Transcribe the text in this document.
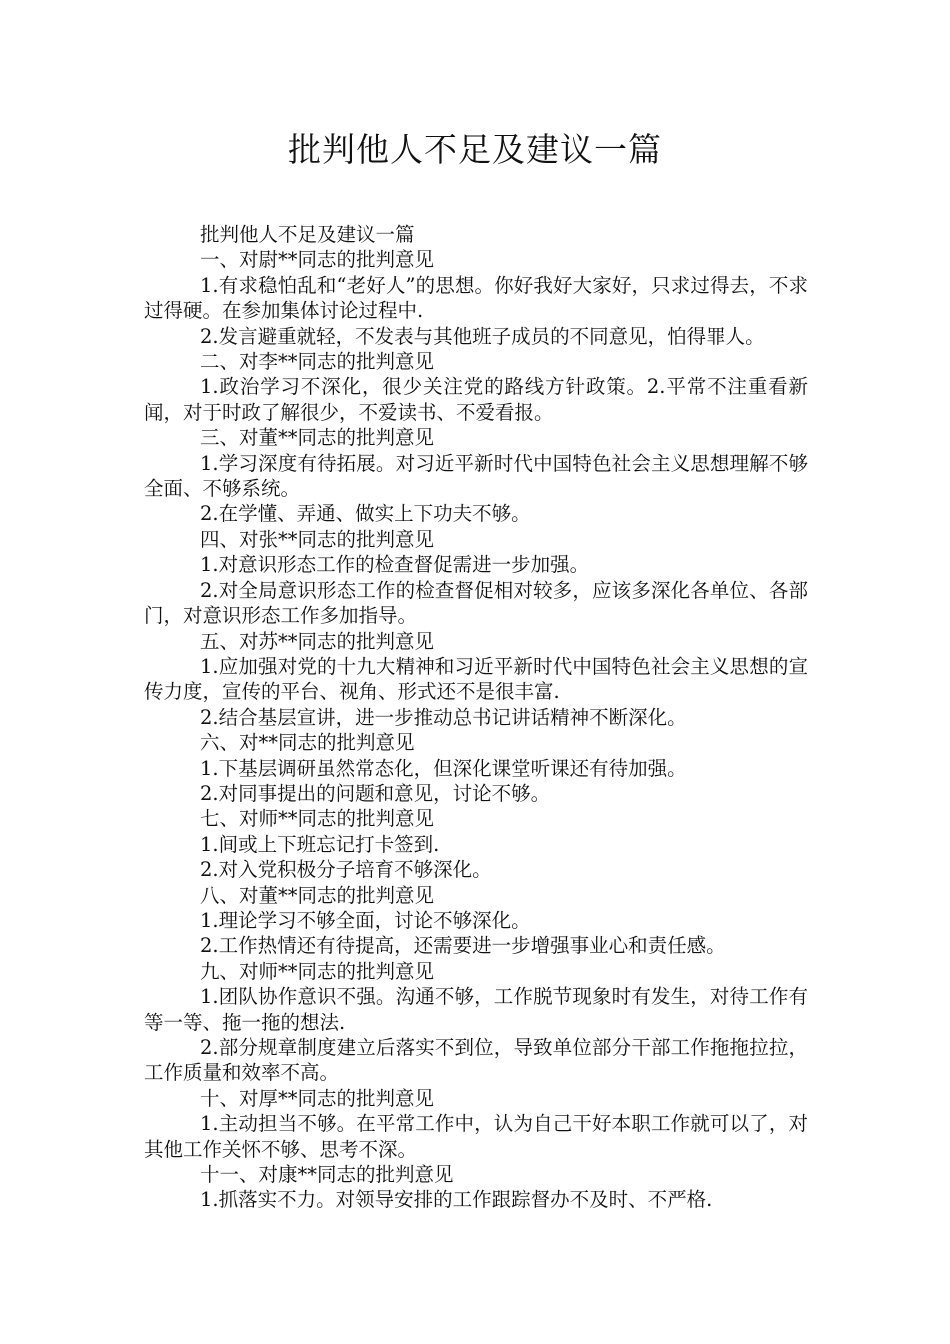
批判他人不足及建议一篇

批判他人不足及建议一篇

一、对尉**同志的批判意见

1.有求稳怕乱和“老好人”的思想。你好我好大家好，只求过得去，不求过得硬。在参加集体讨论过程中.

2.发言避重就轻，不发表与其他班子成员的不同意见，怕得罪人。

二、对李**同志的批判意见

1.政治学习不深化，很少关注党的路线方针政策。2.平常不注重看新闻，对于时政了解很少，不爱读书、不爱看报。

三、对董**同志的批判意见

1.学习深度有待拓展。对习近平新时代中国特色社会主义思想理解不够全面、不够系统。

2.在学懂、弄通、做实上下功夫不够。

四、对张**同志的批判意见

1.对意识形态工作的检查督促需进一步加强。

2.对全局意识形态工作的检查督促相对较多，应该多深化各单位、各部门，对意识形态工作多加指导。

五、对苏**同志的批判意见

1.应加强对党的十九大精神和习近平新时代中国特色社会主义思想的宣传力度，宣传的平台、视角、形式还不是很丰富.

2.结合基层宣讲，进一步推动总书记讲话精神不断深化。

六、对**同志的批判意见

1.下基层调研虽然常态化，但深化课堂听课还有待加强。

2.对同事提出的问题和意见，讨论不够。

七、对师**同志的批判意见

1.间或上下班忘记打卡签到.

2.对入党积极分子培育不够深化。

八、对董**同志的批判意见

1.理论学习不够全面，讨论不够深化。

2.工作热情还有待提高，还需要进一步增强事业心和责任感。

九、对师**同志的批判意见

1.团队协作意识不强。沟通不够，工作脱节现象时有发生，对待工作有等一等、拖一拖的想法.

2.部分规章制度建立后落实不到位，导致单位部分干部工作拖拖拉拉，工作质量和效率不高。

十、对厚**同志的批判意见

1.主动担当不够。在平常工作中，认为自己干好本职工作就可以了，对其他工作关怀不够、思考不深。

十一、对康**同志的批判意见

1.抓落实不力。对领导安排的工作跟踪督办不及时、不严格.
